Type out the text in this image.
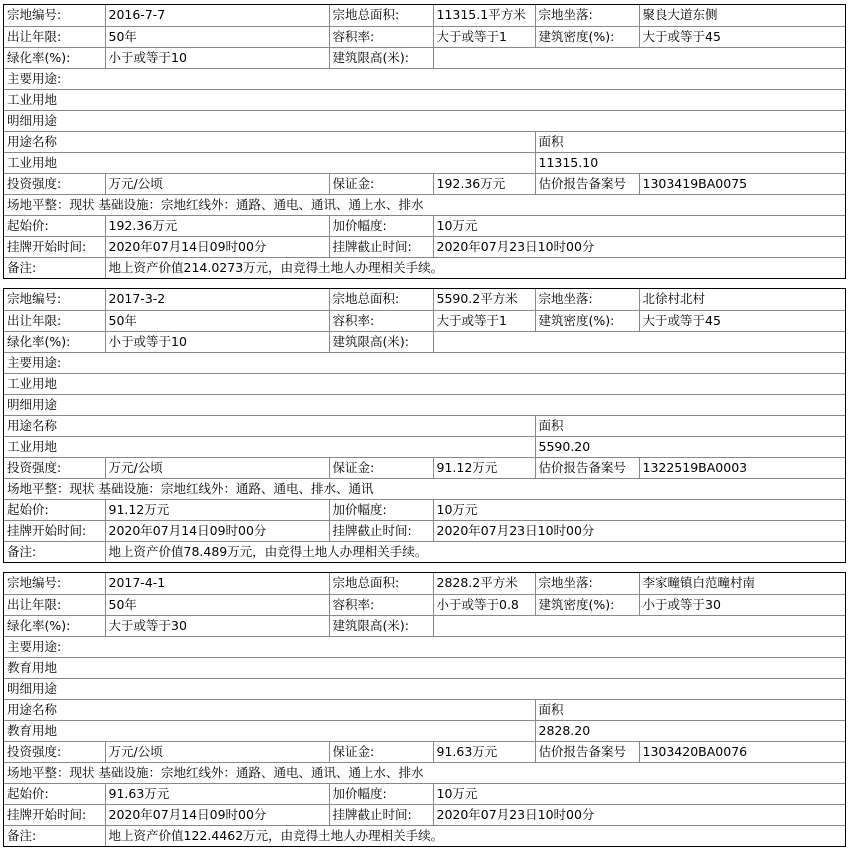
宗地编号:	2016-7-7	宗地总面积:	11315.1平方米	宗地坐落:	聚良大道东侧
出让年限:	50年	容积率:	大于或等于1	建筑密度(%):	大于或等于45
绿化率(%):	小于或等于10	建筑限高(米):			
主要用途:					
工业用地					
明细用途					
用途名称				面积	
工业用地				11315.10	
投资强度:	万元/公顷	保证金:	192.36万元	估价报告备案号	1303419BA0075
场地平整：现状 基础设施：宗地红线外：通路、通电、通讯、通上水、排水					
起始价:	192.36万元	加价幅度:	10万元		
挂牌开始时间:	2020年07月14日09时00分	挂牌截止时间:	2020年07月23日10时00分		
备注:	地上资产价值214.0273万元，由竞得土地人办理相关手续。				
宗地编号:	2017-3-2	宗地总面积:	5590.2平方米	宗地坐落:	北徐村北村
出让年限:	50年	容积率:	大于或等于1	建筑密度(%):	大于或等于45
绿化率(%):	小于或等于10	建筑限高(米):			
主要用途:					
工业用地					
明细用途					
用途名称				面积	
工业用地				5590.20	
投资强度:	万元/公顷	保证金:	91.12万元	估价报告备案号	1322519BA0003
场地平整：现状 基础设施：宗地红线外：通路、通电、排水、通讯					
起始价:	91.12万元	加价幅度:	10万元		
挂牌开始时间:	2020年07月14日09时00分	挂牌截止时间:	2020年07月23日10时00分		
备注:	地上资产价值78.489万元，由竞得土地人办理相关手续。				
宗地编号:	2017-4-1	宗地总面积:	2828.2平方米	宗地坐落:	李家疃镇白范疃村南
出让年限:	50年	容积率:	小于或等于0.8	建筑密度(%):	小于或等于30
绿化率(%):	大于或等于30	建筑限高(米):			
主要用途:					
教育用地					
明细用途					
用途名称				面积	
教育用地				2828.20	
投资强度:	万元/公顷	保证金:	91.63万元	估价报告备案号	1303420BA0076
场地平整：现状 基础设施：宗地红线外：通路、通电、通讯、通上水、排水					
起始价:	91.63万元	加价幅度:	10万元		
挂牌开始时间:	2020年07月14日09时00分	挂牌截止时间:	2020年07月23日10时00分		
备注:	地上资产价值122.4462万元，由竞得土地人办理相关手续。				
